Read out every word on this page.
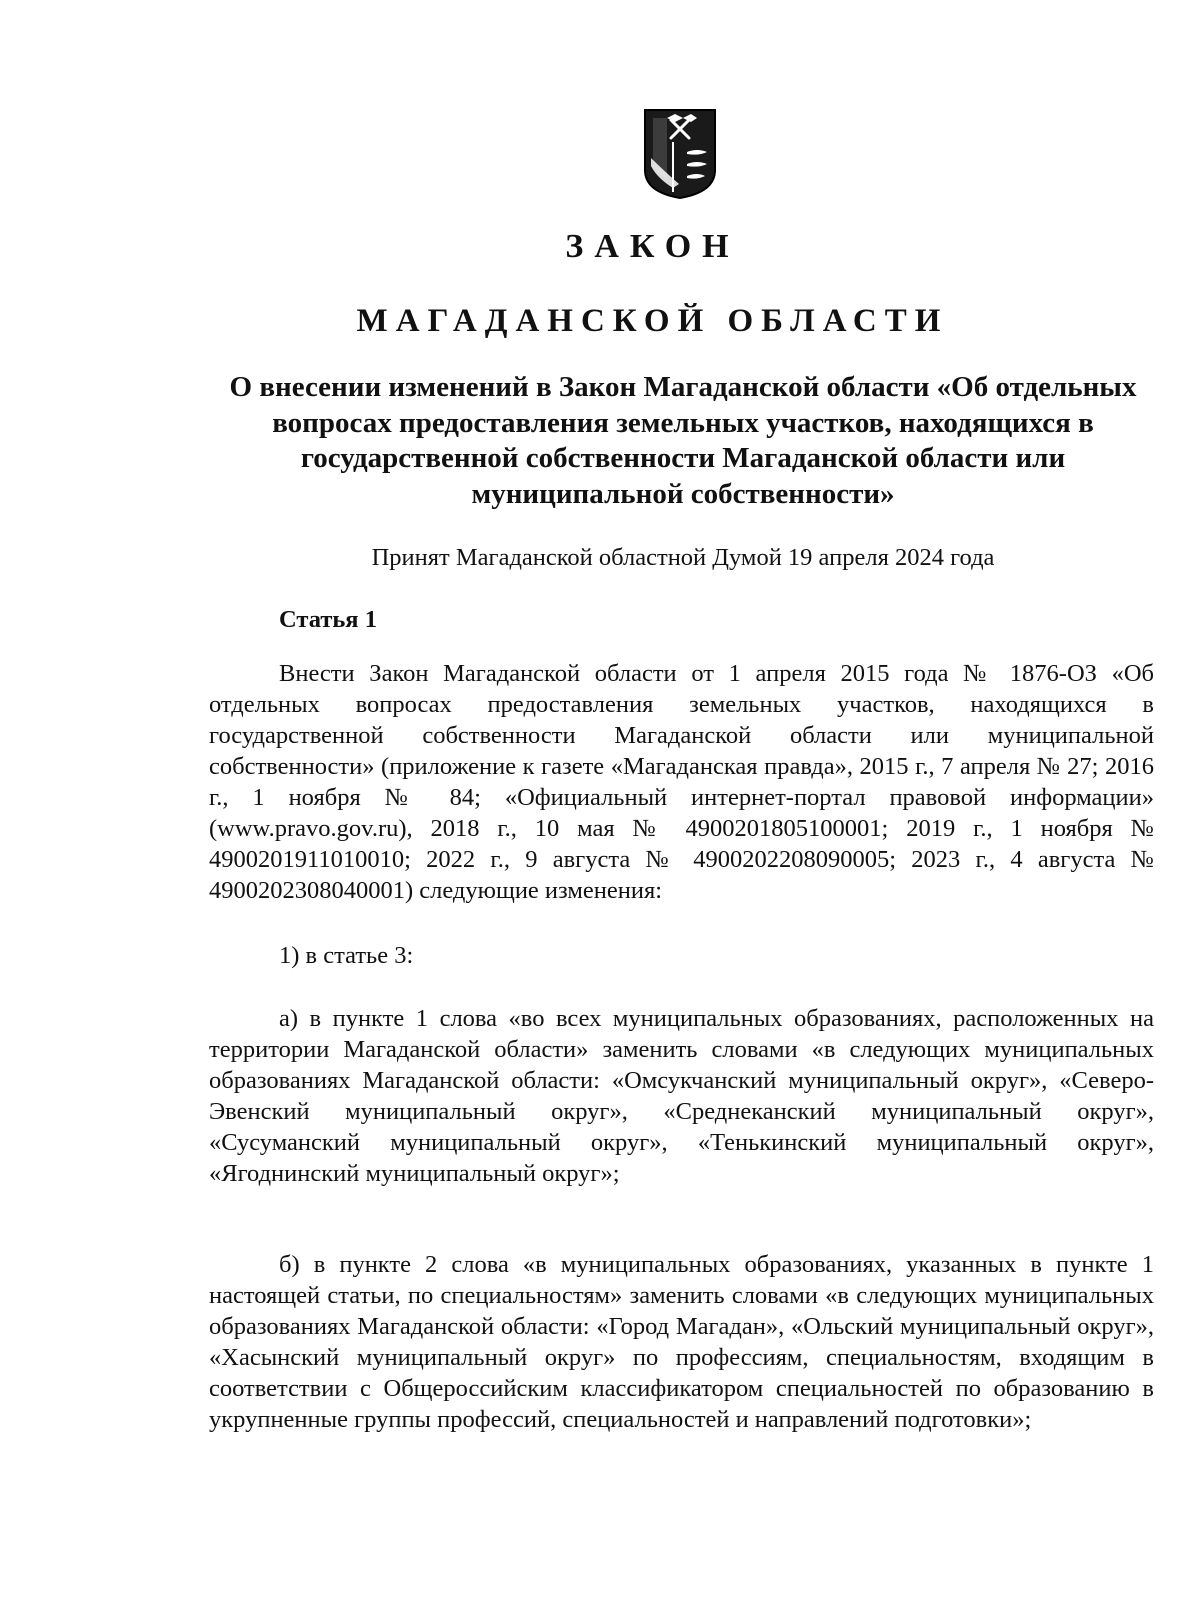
ЗАКОН
МАГАДАНСКОЙ ОБЛАСТИ

О внесении изменений в Закон Магаданской области «Об отдельных вопросах предоставления земельных участков, находящихся в государственной собственности Магаданской области или муниципальной собственности»

Принят Магаданской областной Думой 19 апреля 2024 года

Статья 1

Внести Закон Магаданской области от 1 апреля 2015 года № 1876-ОЗ «Об отдельных вопросах предоставления земельных участков, находящихся в государственной собственности Магаданской области или муниципальной собственности» (приложение к газете «Магаданская правда», 2015 г., 7 апреля № 27; 2016 г., 1 ноября № 84; «Официальный интернет-портал правовой информации» (www.pravo.gov.ru), 2018 г., 10 мая № 4900201805100001; 2019 г., 1 ноября № 4900201911010010; 2022 г., 9 августа № 4900202208090005; 2023 г., 4 августа № 4900202308040001) следующие изменения:

1) в статье 3:

а) в пункте 1 слова «во всех муниципальных образованиях, расположенных на территории Магаданской области» заменить словами «в следующих муниципальных образованиях Магаданской области: «Омсукчанский муниципальный округ», «Северо-Эвенский муниципальный округ», «Среднеканский муниципальный округ», «Сусуманский муниципальный округ», «Тенькинский муниципальный округ», «Ягоднинский муниципальный округ»;

б) в пункте 2 слова «в муниципальных образованиях, указанных в пункте 1 настоящей статьи, по специальностям» заменить словами «в следующих муниципальных образованиях Магаданской области: «Город Магадан», «Ольский муниципальный округ», «Хасынский муниципальный округ» по профессиям, специальностям, входящим в соответствии с Общероссийским классификатором специальностей по образованию в укрупненные группы профессий, специальностей и направлений подготовки»;
